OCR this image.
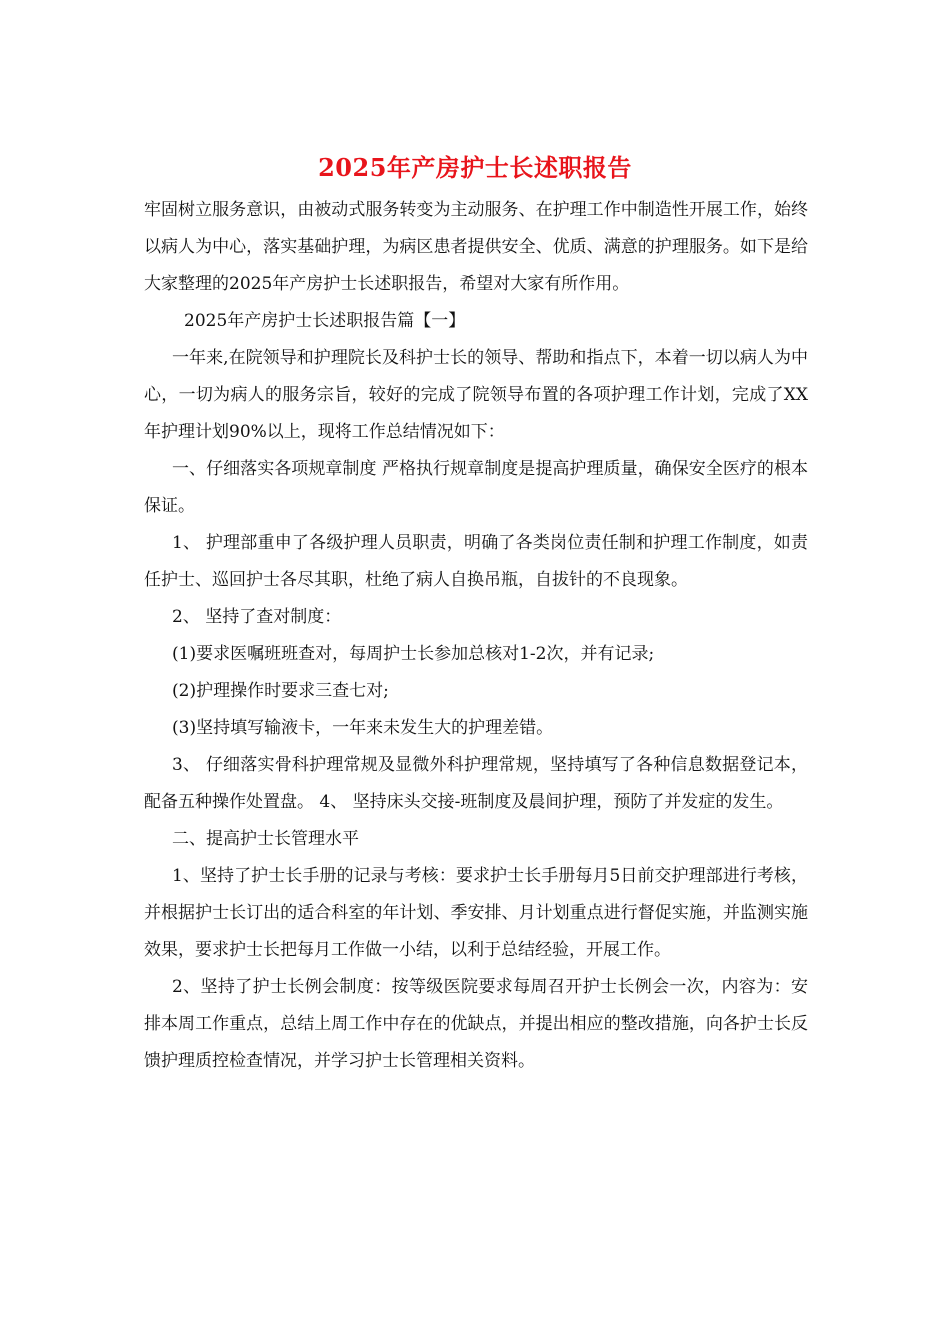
2025年产房护士长述职报告

牢固树立服务意识，由被动式服务转变为主动服务、在护理工作中制造性开展工作，始终以病人为中心，落实基础护理，为病区患者提供安全、优质、满意的护理服务。如下是给大家整理的2025年产房护士长述职报告，希望对大家有所作用。

2025年产房护士长述职报告篇【一】

一年来,在院领导和护理院长及科护士长的领导、帮助和指点下，本着一切以病人为中心，一切为病人的服务宗旨，较好的完成了院领导布置的各项护理工作计划，完成了XX年护理计划90%以上，现将工作总结情况如下：

一、仔细落实各项规章制度 严格执行规章制度是提高护理质量，确保安全医疗的根本保证。

1、 护理部重申了各级护理人员职责，明确了各类岗位责任制和护理工作制度，如责任护士、巡回护士各尽其职，杜绝了病人自换吊瓶，自拔针的不良现象。

2、 坚持了查对制度：

(1)要求医嘱班班查对，每周护士长参加总核对1-2次，并有记录;

(2)护理操作时要求三查七对;

(3)坚持填写输液卡，一年来未发生大的护理差错。

3、 仔细落实骨科护理常规及显微外科护理常规，坚持填写了各种信息数据登记本，配备五种操作处置盘。 4、 坚持床头交接-班制度及晨间护理，预防了并发症的发生。

二、提高护士长管理水平

1、坚持了护士长手册的记录与考核：要求护士长手册每月5日前交护理部进行考核，并根据护士长订出的适合科室的年计划、季安排、月计划重点进行督促实施，并监测实施效果，要求护士长把每月工作做一小结，以利于总结经验，开展工作。

2、坚持了护士长例会制度：按等级医院要求每周召开护士长例会一次，内容为：安排本周工作重点，总结上周工作中存在的优缺点，并提出相应的整改措施，向各护士长反馈护理质控检查情况，并学习护士长管理相关资料。
